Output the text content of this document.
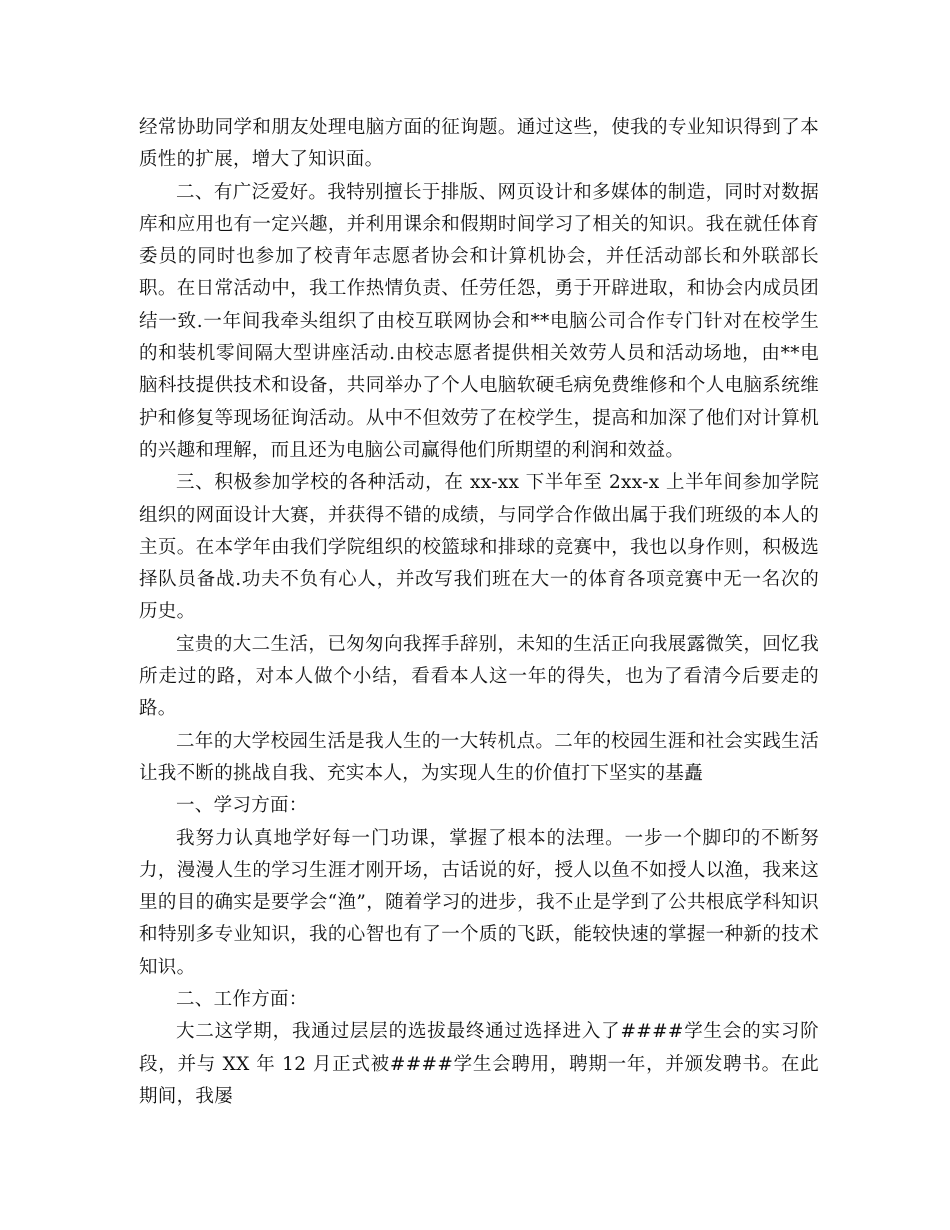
经常协助同学和朋友处理电脑方面的征询题。通过这些，使我的专业知识得到了本质性的扩展，增大了知识面。

二、有广泛爱好。我特别擅长于排版、网页设计和多媒体的制造，同时对数据库和应用也有一定兴趣，并利用课余和假期时间学习了相关的知识。我在就任体育委员的同时也参加了校青年志愿者协会和计算机协会，并任活动部长和外联部长职。在日常活动中，我工作热情负责、任劳任怨，勇于开辟进取，和协会内成员团结一致.一年间我牵头组织了由校互联网协会和**电脑公司合作专门针对在校学生的和装机零间隔大型讲座活动.由校志愿者提供相关效劳人员和活动场地，由**电脑科技提供技术和设备，共同举办了个人电脑软硬毛病免费维修和个人电脑系统维护和修复等现场征询活动。从中不但效劳了在校学生，提高和加深了他们对计算机的兴趣和理解，而且还为电脑公司赢得他们所期望的利润和效益。

三、积极参加学校的各种活动，在 xx-xx 下半年至 2xx-x 上半年间参加学院组织的网面设计大赛，并获得不错的成绩，与同学合作做出属于我们班级的本人的主页。在本学年由我们学院组织的校篮球和排球的竞赛中，我也以身作则，积极选择队员备战.功夫不负有心人，并改写我们班在大一的体育各项竞赛中无一名次的历史。

宝贵的大二生活，已匆匆向我挥手辞别，未知的生活正向我展露微笑，回忆我所走过的路，对本人做个小结，看看本人这一年的得失，也为了看清今后要走的路。

二年的大学校园生活是我人生的一大转机点。二年的校园生涯和社会实践生活让我不断的挑战自我、充实本人，为实现人生的价值打下坚实的基矗

一、学习方面：

我努力认真地学好每一门功课，掌握了根本的法理。一步一个脚印的不断努力，漫漫人生的学习生涯才刚开场，古话说的好，授人以鱼不如授人以渔，我来这里的目的确实是要学会“渔”，随着学习的进步，我不止是学到了公共根底学科知识和特别多专业知识，我的心智也有了一个质的飞跃，能较快速的掌握一种新的技术知识。

二、工作方面：

大二这学期，我通过层层的选拔最终通过选择进入了####学生会的实习阶段，并与 XX 年 12 月正式被####学生会聘用，聘期一年，并颁发聘书。在此期间，我屡
